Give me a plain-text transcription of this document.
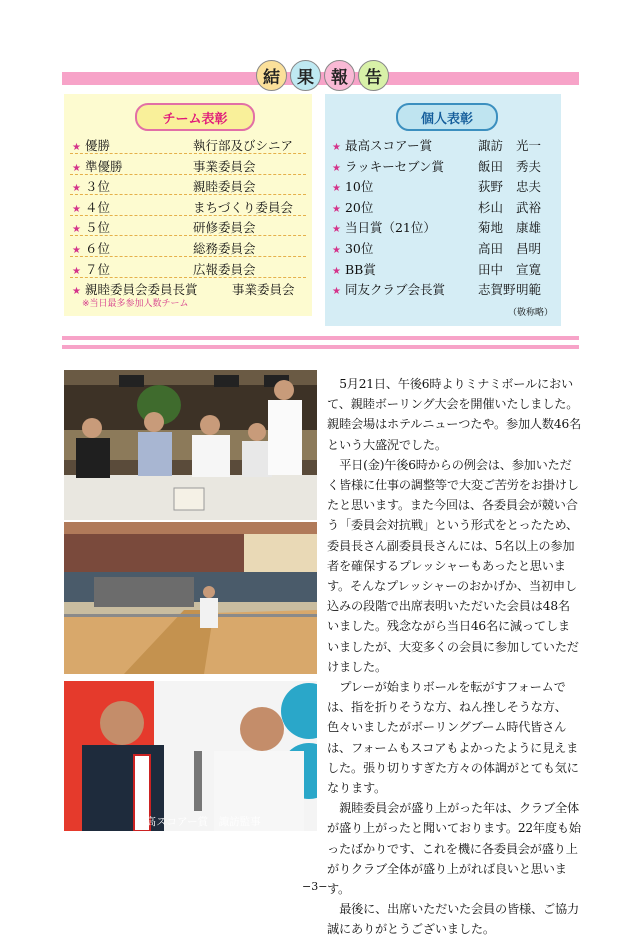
結	果	報	告
チーム表彰
★ 優勝	執行部及びシニア
★ 準優勝	事業委員会
★ ３位	親睦委員会
★ ４位	まちづくり委員会
★ ５位	研修委員会
★ ６位	総務委員会
★ ７位	広報委員会
★ 親睦委員会委員長賞	事業委員会
※当日最多参加人数チーム
個人表彰
★ 最高スコアー賞	諏訪 光一
★ ラッキーセブン賞	飯田 秀夫
★ 10位	荻野 忠夫
★ 20位	杉山 武裕
★ 当日賞（21位）	菊地 康雄
★ 30位	高田 昌明
★ BB賞	田中 宣寛
★ 同友クラブ会長賞	志賀野 明範
（敬称略）
最高スコアー賞　諏訪監事

5月21日、午後6時よりミナミボールにおいて、親睦ボーリング大会を開催いたしました。親睦会場はホテルニューつたや。参加人数46名という大盛況でした。

平日(金)午後6時からの例会は、参加いただく皆様に仕事の調整等で大変ご苦労をお掛けしたと思います。また今回は、各委員会が競い合う「委員会対抗戦」という形式をとったため、委員長さん副委員長さんには、5名以上の参加者を確保するプレッシャーもあったと思います。そんなプレッシャーのおかげか、当初申し込みの段階で出席表明いただいた会員は48名いました。残念ながら当日46名に減ってしまいましたが、大変多くの会員に参加していただけました。

プレーが始まりボールを転がすフォームでは、指を折りそうな方、ねん挫しそうな方、色々いましたがボーリングブーム時代皆さんは、フォームもスコアもよかったように見えました。張り切りすぎた方々の体調がとても気になります。

親睦委員会が盛り上がった年は、クラブ全体が盛り上がったと聞いております。22年度も始ったばかりです、これを機に各委員会が盛り上がりクラブ全体が盛り上がれば良いと思います。

最後に、出席いただいた会員の皆様、ご協力誠にありがとうございました。

−3−
